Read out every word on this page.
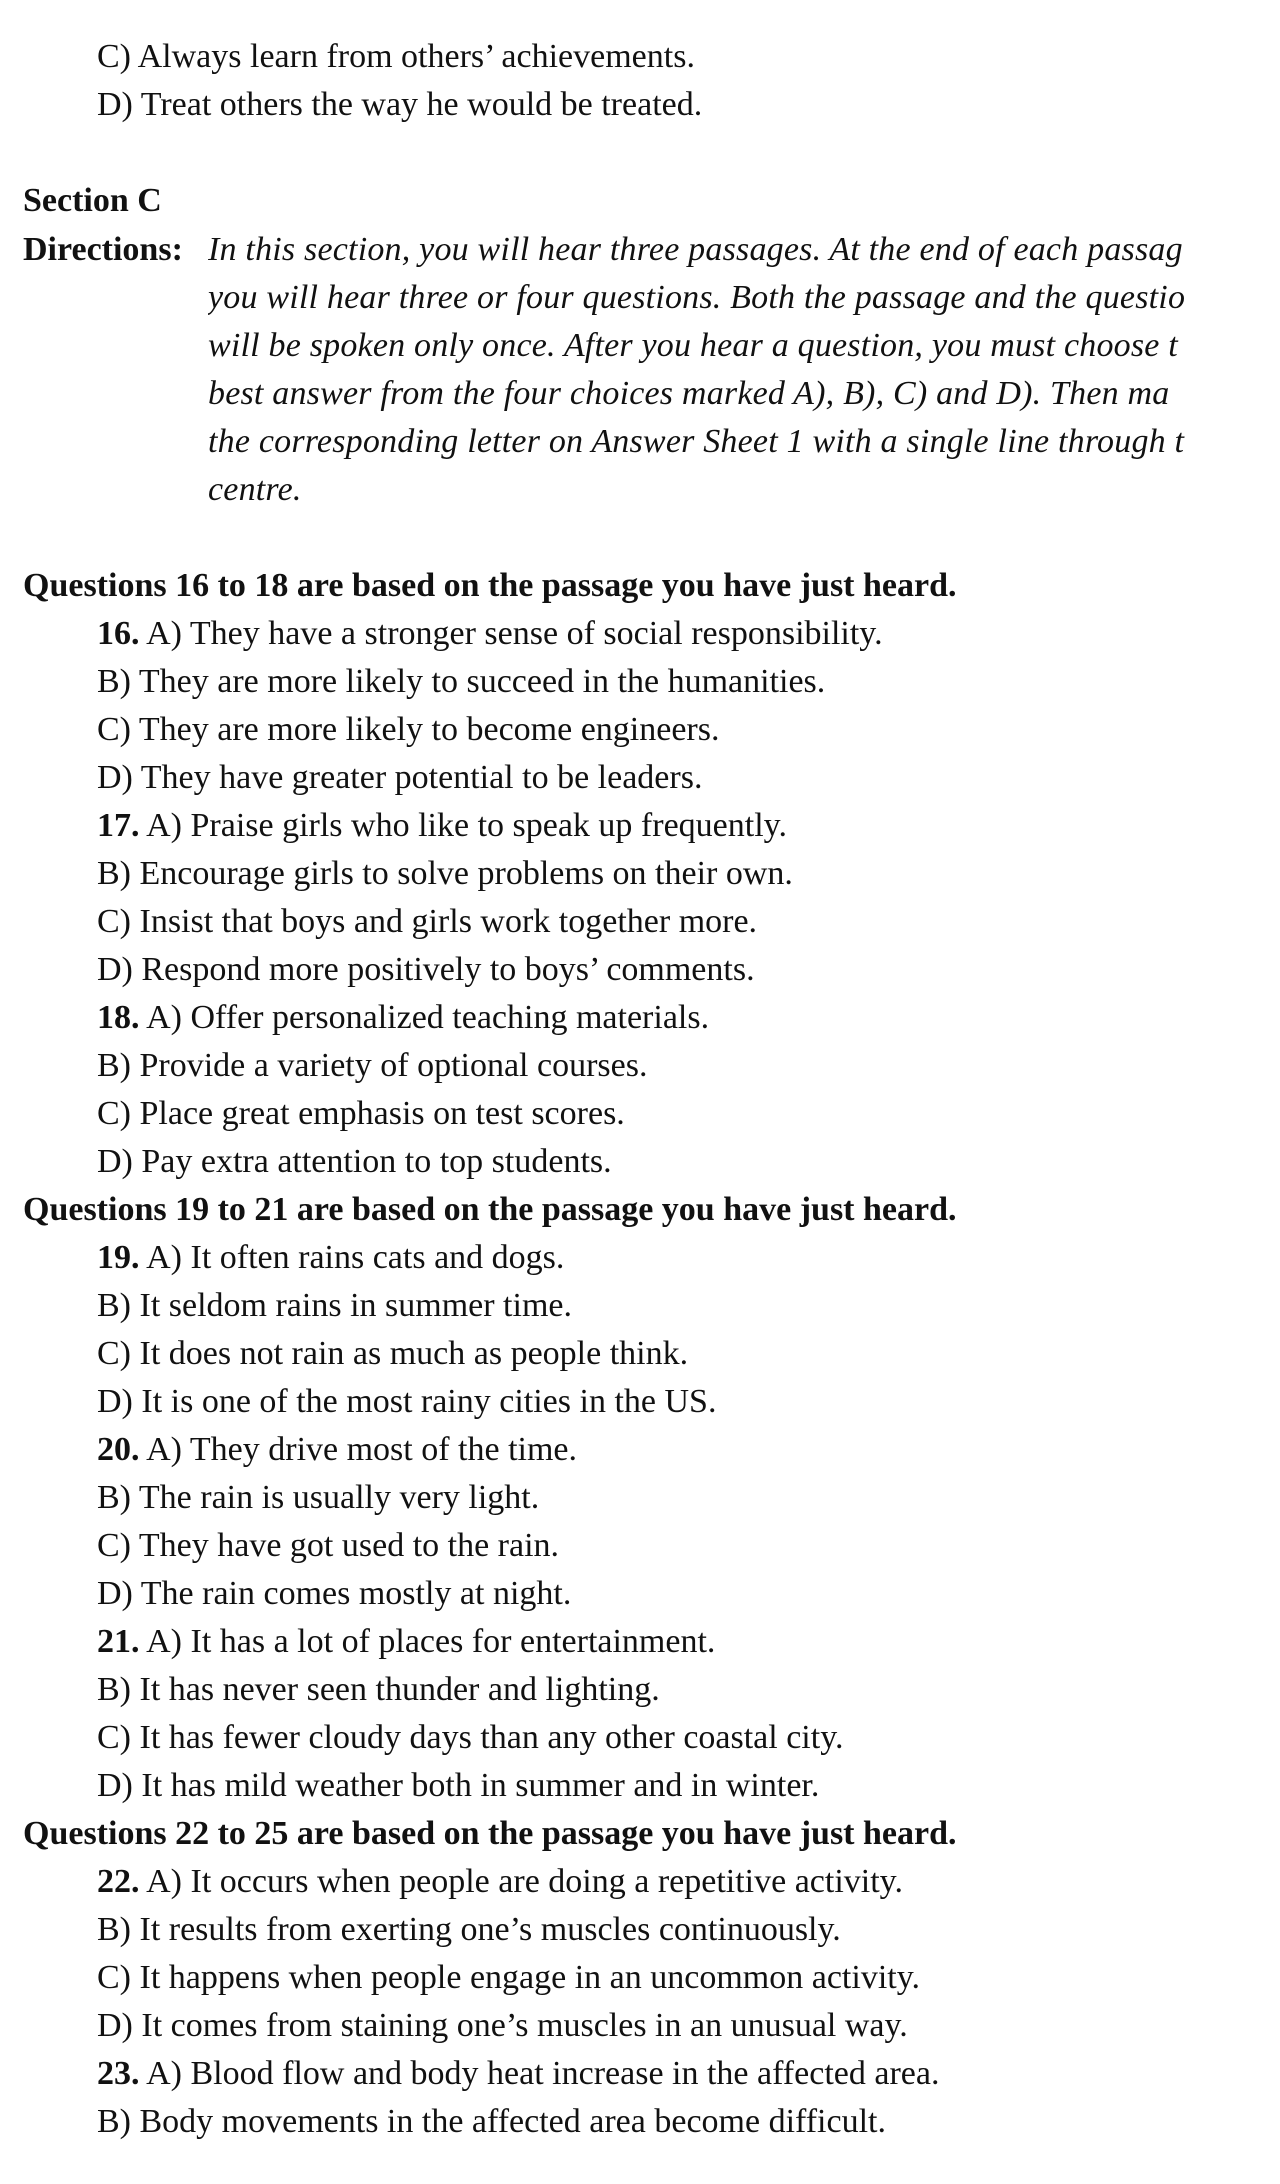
C) Always learn from others’ achievements.
D) Treat others the way he would be treated.
Section C
Directions: In this section, you will hear three passages. At the end of each passag
you will hear three or four questions. Both the passage and the questio
will be spoken only once. After you hear a question, you must choose t
best answer from the four choices marked A), B), C) and D). Then ma
the corresponding letter on Answer Sheet 1 with a single line through t
centre.
Questions 16 to 18 are based on the passage you have just heard.
16. A) They have a stronger sense of social responsibility.
B) They are more likely to succeed in the humanities.
C) They are more likely to become engineers.
D) They have greater potential to be leaders.
17. A) Praise girls who like to speak up frequently.
B) Encourage girls to solve problems on their own.
C) Insist that boys and girls work together more.
D) Respond more positively to boys’ comments.
18. A) Offer personalized teaching materials.
B) Provide a variety of optional courses.
C) Place great emphasis on test scores.
D) Pay extra attention to top students.
Questions 19 to 21 are based on the passage you have just heard.
19. A) It often rains cats and dogs.
B) It seldom rains in summer time.
C) It does not rain as much as people think.
D) It is one of the most rainy cities in the US.
20. A) They drive most of the time.
B) The rain is usually very light.
C) They have got used to the rain.
D) The rain comes mostly at night.
21. A) It has a lot of places for entertainment.
B) It has never seen thunder and lighting.
C) It has fewer cloudy days than any other coastal city.
D) It has mild weather both in summer and in winter.
Questions 22 to 25 are based on the passage you have just heard.
22. A) It occurs when people are doing a repetitive activity.
B) It results from exerting one’s muscles continuously.
C) It happens when people engage in an uncommon activity.
D) It comes from staining one’s muscles in an unusual way.
23. A) Blood flow and body heat increase in the affected area.
B) Body movements in the affected area become difficult.
